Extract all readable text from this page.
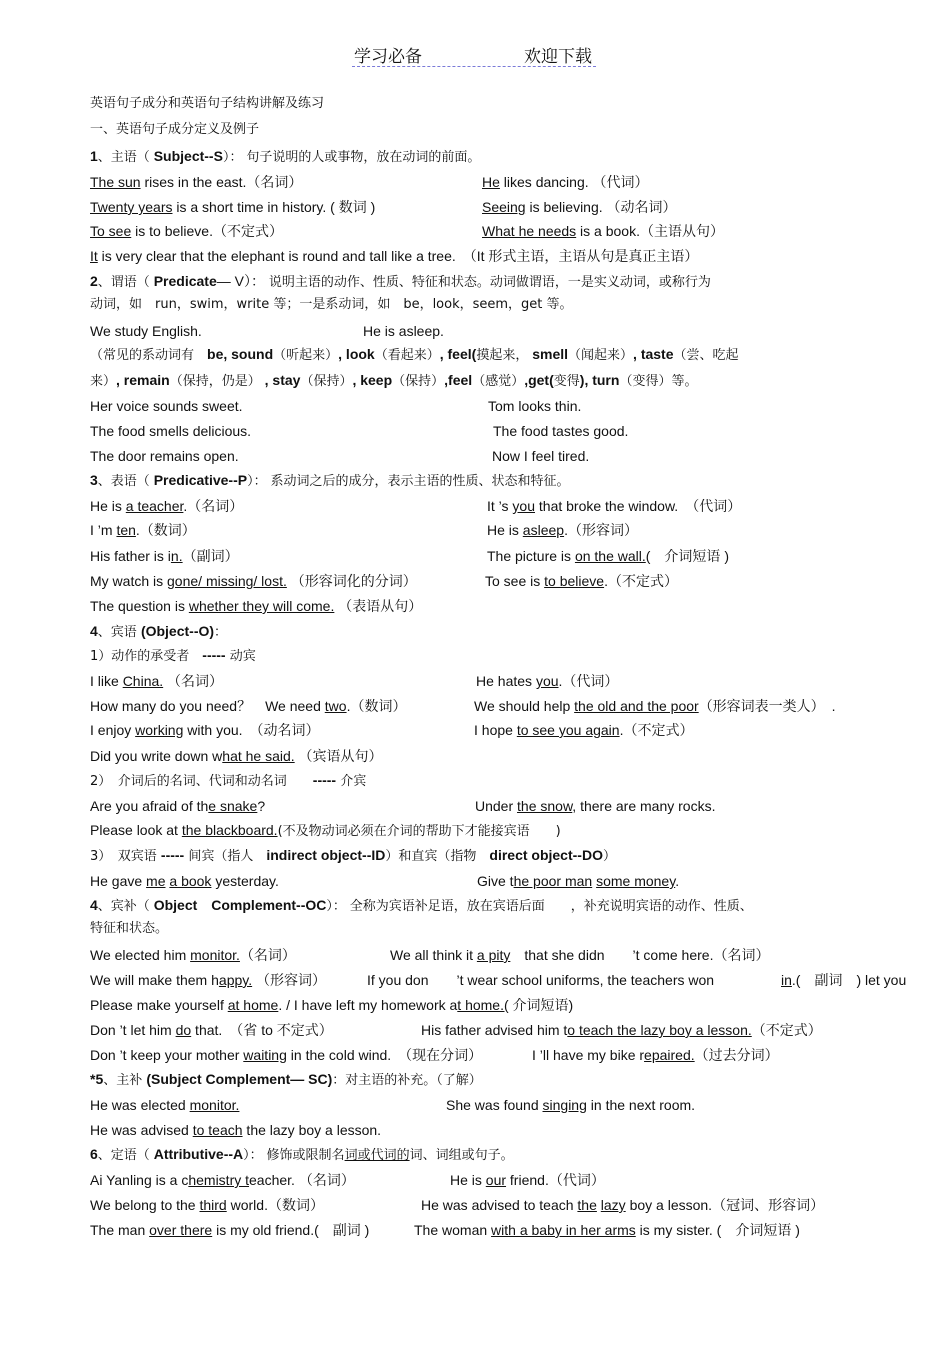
学习必备	欢迎下载
英语句子成分和英语句子结构讲解及练习
一、英语句子成分定义及例子
1、主语（ Subject--S）： 句子说明的人或事物，放在动词的前面。
The sun rises in the east.（名词）	He likes dancing. （代词）
Twenty years is a short time in history. ( 数词 )	Seeing is believing. （动名词）
To see is to believe.（不定式）	What he needs is a book.（主语从句）
It is very clear that the elephant is round and tall like a tree.　（It 形式主语，主语从句是真正主语）
2、谓语（ Predicate— V）： 说明主语的动作、性质、特征和状态。动词做谓语，一是实义动词，或称行为
动词，如　run，swim，write 等；一是系动词，如　be，look，seem，get 等。
We study English.	He is asleep.
（常见的系动词有　be, sound（听起来）, look（看起来）, feel(摸起来， smell（闻起来）, taste（尝、吃起
来）, remain（保持，仍是） , stay（保持）, keep（保持）,feel（感觉）,get(变得), turn（变得）等。
Her voice sounds sweet.	Tom looks thin.
The food smells delicious.	The food tastes good.
The door remains open.	Now I feel tired.
3、表语（ Predicative--P）： 系动词之后的成分，表示主语的性质、状态和特征。
He is a teacher.（名词）	It ’s you that broke the window.　（代词）
I ’m ten.（数词）	He is asleep.（形容词）
His father is in.（副词）	The picture is on the wall.(　介词短语 )
My watch is gone/ missing/ lost. （形容词化的分词）	To see is to believe.（不定式）
The question is whether they will come. （表语从句）
4、宾语 (Object--O)：
1）动作的承受者　----- 动宾
I like China. （名词）	He hates you.（代词）
How many do you need？　We need two.（数词）	We should help the old and the poor（形容词表一类人）　.
I enjoy working with you.　（动名词）	I hope to see you again.（不定式）
Did you write down what he said. （宾语从句）
2）　介词后的名词、代词和动名词　　----- 介宾
Are you afraid of the snake?	Under the snow, there are many rocks.
Please look at the blackboard.(不及物动词必须在介词的帮助下才能接宾语　　)
3）　双宾语 ----- 间宾（指人　indirect object--ID）和直宾（指物　direct object--DO）
He gave me a book yesterday.	Give the poor man some money.
4、宾补（ Object　Complement--OC）： 全称为宾语补足语，放在宾语后面　　，补充说明宾语的动作、性质、
特征和状态。
We elected him monitor.（名词）	We all think it a pity　that she didn　　’t come here.（名词）
We will make them happy. （形容词）	If you don　　’t wear school uniforms, the teachers won	in.(　副词　) let you
Please make yourself at home. / I have left my homework at home.( 介词短语)
Don ’t let him do that.　（省 to 不定式）	His father advised him to teach the lazy boy a lesson.（不定式）
Don ’t keep your mother waiting in the cold wind.　（现在分词）	I ’ll have my bike repaired.（过去分词）
*5、主补 (Subject Complement— SC)：对主语的补充。（了解）
He was elected monitor.	She was found singing in the next room.
He was advised to teach the lazy boy a lesson.
6、定语（ Attributive--A）： 修饰或限制名词或代词的词、词组或句子。
Ai Yanling is a chemistry teacher. （名词）	He is our friend.（代词）
We belong to the third world.（数词）	He was advised to teach the lazy boy a lesson.（冠词、形容词）
The man over there is my old friend.(　副词 )	The woman with a baby in her arms is my sister. (　介词短语 )
